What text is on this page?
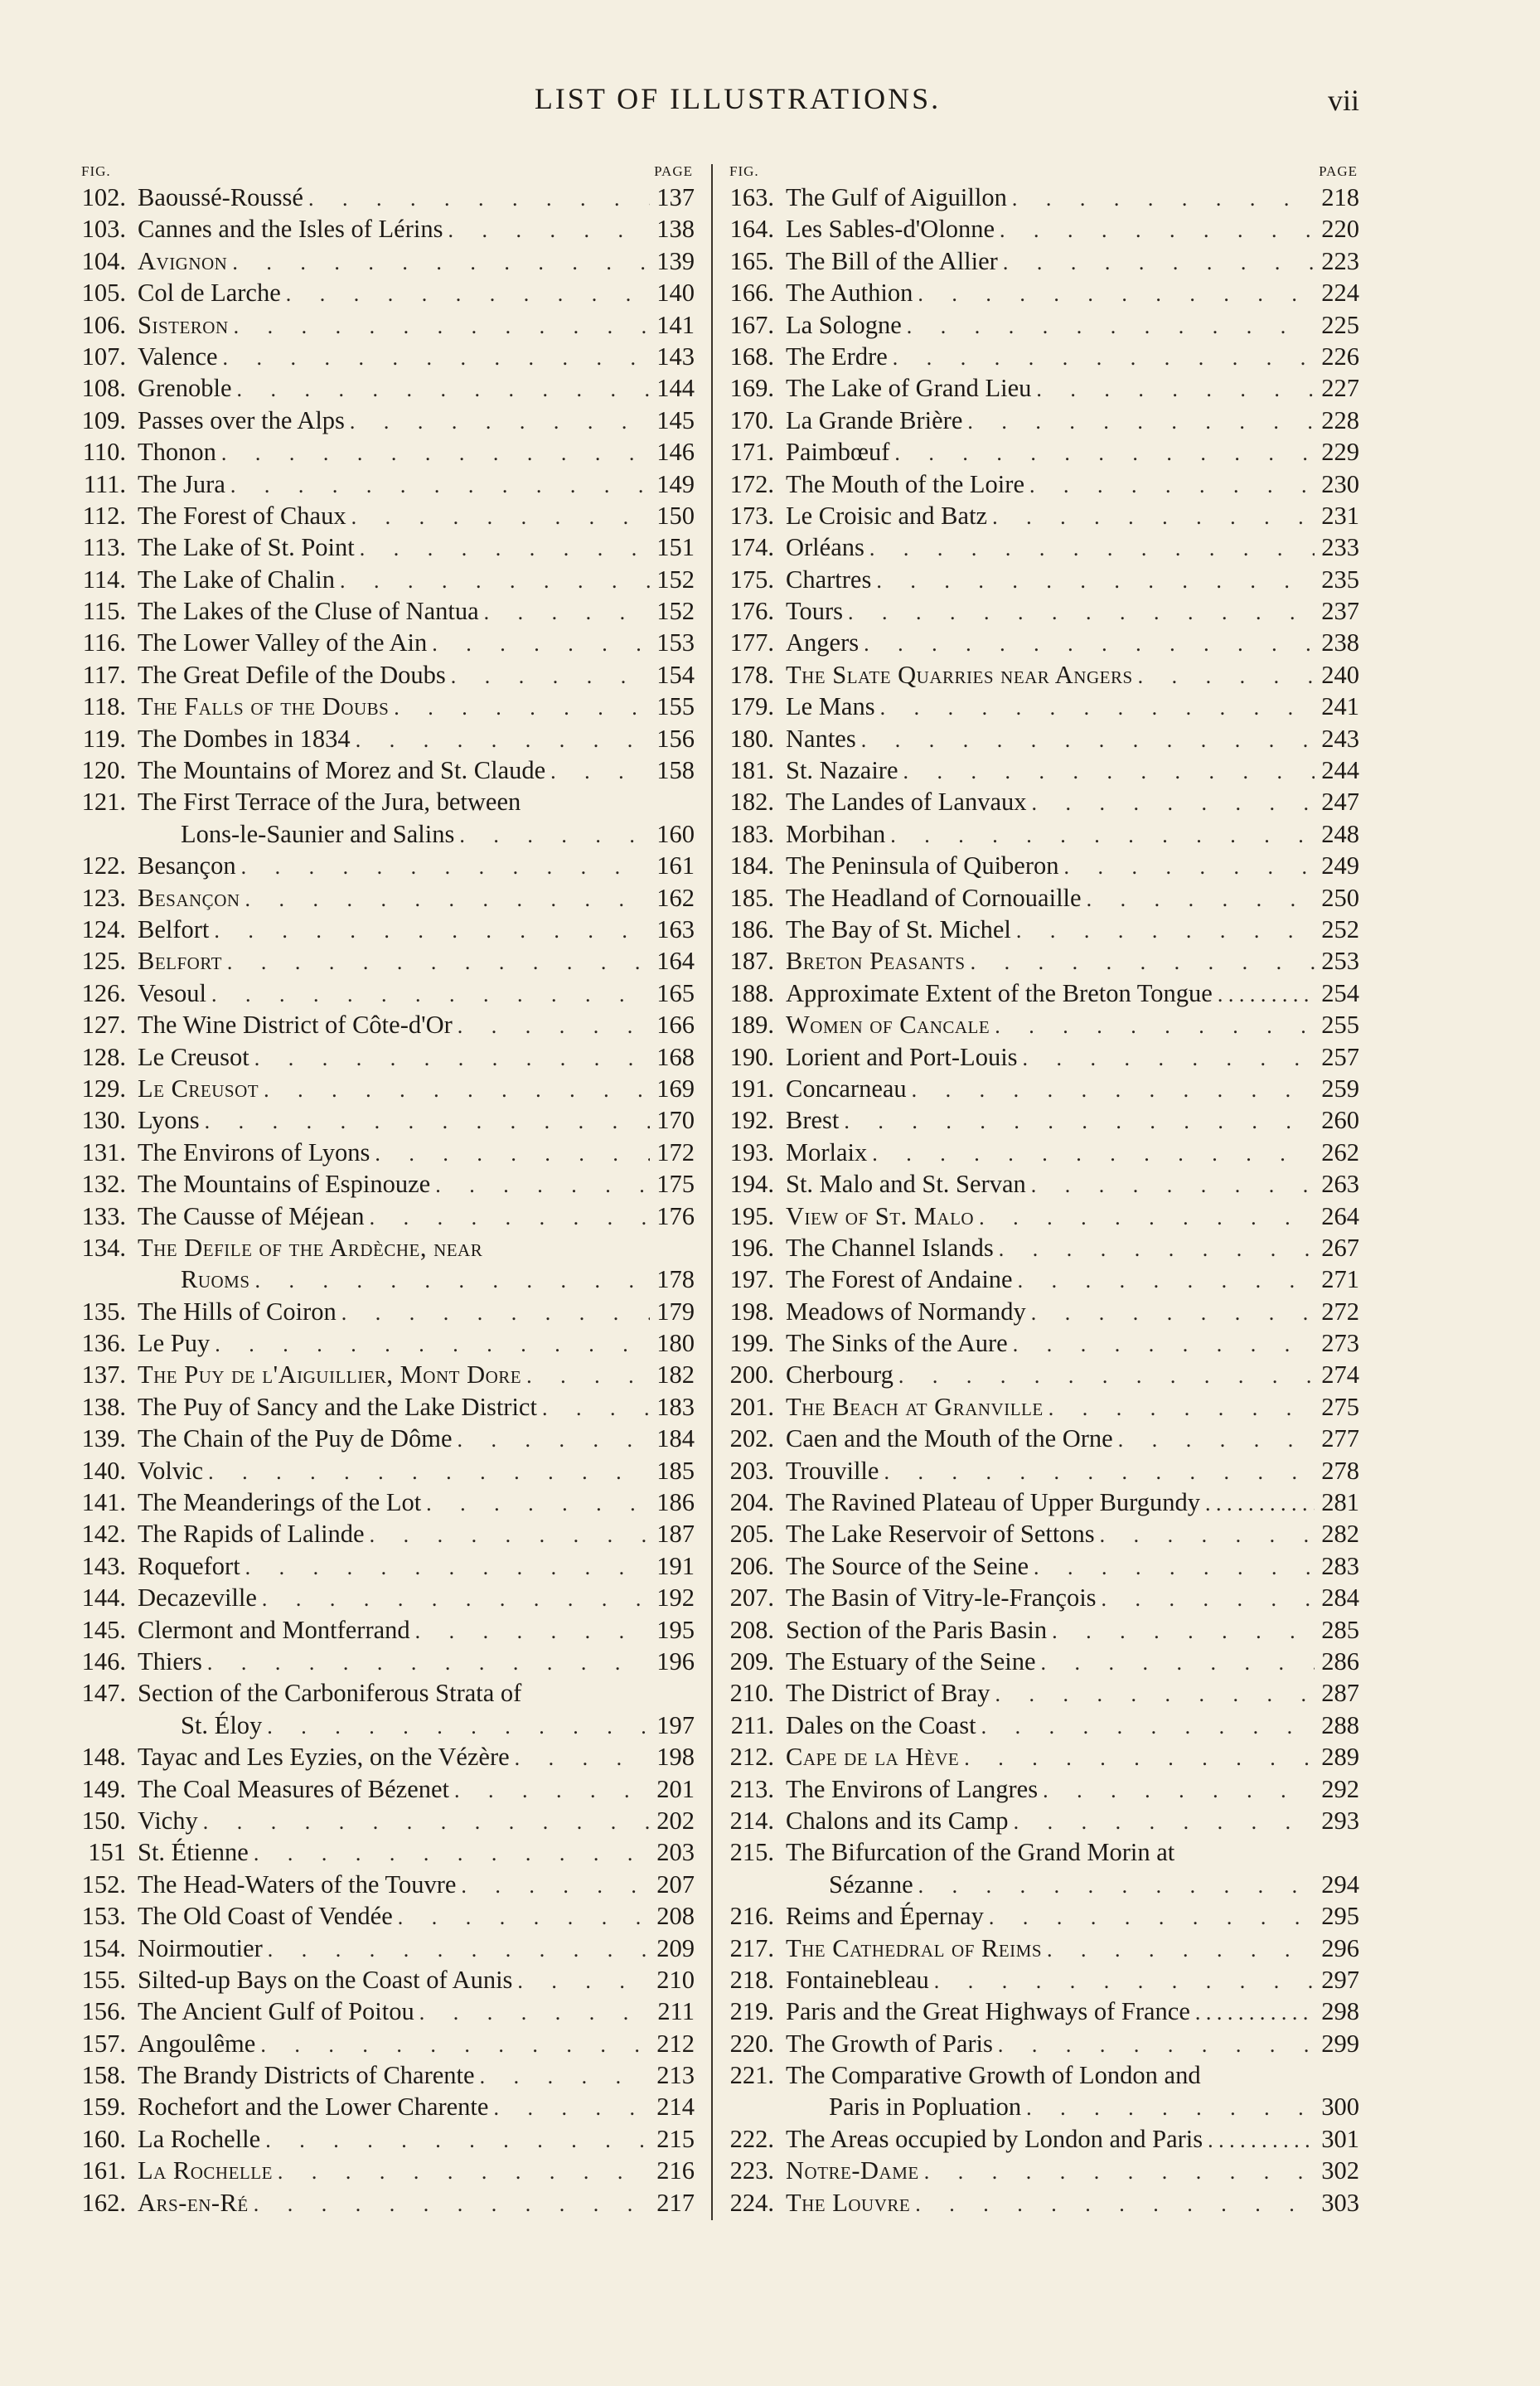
LIST OF ILLUSTRATIONS.	vii
FIG.	PAGE
102. Baoussé-Roussé . . .	137
103. Cannes and the Isles of Lérins . . .	138
104. Avignon . . .	139
105. Col de Larche . . .	140
106. Sisteron . . .	141
107. Valence . . .	143
108. Grenoble . . .	144
109. Passes over the Alps . . .	145
110. Thonon . . .	146
111. The Jura . . .	149
112. The Forest of Chaux . . .	150
113. The Lake of St. Point . . .	151
114. The Lake of Chalin . . .	152
115. The Lakes of the Cluse of Nantua . . .	152
116. The Lower Valley of the Ain . . .	153
117. The Great Defile of the Doubs . . .	154
118. The Falls of the Doubs . . .	155
119. The Dombes in 1834 . . .	156
120. The Mountains of Morez and St. Claude . . .	158
121. The First Terrace of the Jura, between
Lons-le-Saunier and Salins . . .	160
122. Besançon . . .	161
123. Besançon . . .	162
124. Belfort . . .	163
125. Belfort . . .	164
126. Vesoul . . .	165
127. The Wine District of Côte-d'Or . . .	166
128. Le Creusot . . .	168
129. Le Creusot . . .	169
130. Lyons . . .	170
131. The Environs of Lyons . . .	172
132. The Mountains of Espinouze . . .	175
133. The Causse of Méjean . . .	176
134. The Defile of the Ardèche, near
Ruoms . . .	178
135. The Hills of Coiron . . .	179
136. Le Puy . . .	180
137. The Puy de l'Aiguillier, Mont Dore . . .	182
138. The Puy of Sancy and the Lake District . . .	183
139. The Chain of the Puy de Dôme . . .	184
140. Volvic . . .	185
141. The Meanderings of the Lot . . .	186
142. The Rapids of Lalinde . . .	187
143. Roquefort . . .	191
144. Decazeville . . .	192
145. Clermont and Montferrand . . .	195
146. Thiers . . .	196
147. Section of the Carboniferous Strata of
St. Éloy . . .	197
148. Tayac and Les Eyzies, on the Vézère . . .	198
149. The Coal Measures of Bézenet . . .	201
150. Vichy . . .	202
151 St. Étienne . . .	203
152. The Head-Waters of the Touvre . . .	207
153. The Old Coast of Vendée . . .	208
154. Noirmoutier . . .	209
155. Silted-up Bays on the Coast of Aunis . . .	210
156. The Ancient Gulf of Poitou . . .	211
157. Angoulême . . .	212
158. The Brandy Districts of Charente . . .	213
159. Rochefort and the Lower Charente . . .	214
160. La Rochelle . . .	215
161. La Rochelle . . .	216
162. Ars-en-Ré . . .	217
FIG.	PAGE
163. The Gulf of Aiguillon . . .	218
164. Les Sables-d'Olonne . . .	220
165. The Bill of the Allier . . .	223
166. The Authion . . .	224
167. La Sologne . . .	225
168. The Erdre . . .	226
169. The Lake of Grand Lieu . . .	227
170. La Grande Brière . . .	228
171. Paimbœuf . . .	229
172. The Mouth of the Loire . . .	230
173. Le Croisic and Batz . . .	231
174. Orléans . . .	233
175. Chartres . . .	235
176. Tours . . .	237
177. Angers . . .	238
178. The Slate Quarries near Angers . . .	240
179. Le Mans . . .	241
180. Nantes . . .	243
181. St. Nazaire . . .	244
182. The Landes of Lanvaux . . .	247
183. Morbihan . . .	248
184. The Peninsula of Quiberon . . .	249
185. The Headland of Cornouaille . . .	250
186. The Bay of St. Michel . . .	252
187. Breton Peasants . . .	253
188. Approximate Extent of the Breton Tongue . . .	254
189. Women of Cancale . . .	255
190. Lorient and Port-Louis . . .	257
191. Concarneau . . .	259
192. Brest . . .	260
193. Morlaix . . .	262
194. St. Malo and St. Servan . . .	263
195. View of St. Malo . . .	264
196. The Channel Islands . . .	267
197. The Forest of Andaine . . .	271
198. Meadows of Normandy . . .	272
199. The Sinks of the Aure . . .	273
200. Cherbourg . . .	274
201. The Beach at Granville . . .	275
202. Caen and the Mouth of the Orne . . .	277
203. Trouville . . .	278
204. The Ravined Plateau of Upper Burgundy . . .	281
205. The Lake Reservoir of Settons . . .	282
206. The Source of the Seine . . .	283
207. The Basin of Vitry-le-François . . .	284
208. Section of the Paris Basin . . .	285
209. The Estuary of the Seine . . .	286
210. The District of Bray . . .	287
211. Dales on the Coast . . .	288
212. Cape de la Hève . . .	289
213. The Environs of Langres . . .	292
214. Chalons and its Camp . . .	293
215. The Bifurcation of the Grand Morin at
Sézanne . . .	294
216. Reims and Épernay . . .	295
217. The Cathedral of Reims . . .	296
218. Fontainebleau . . .	297
219. Paris and the Great Highways of France . . .	298
220. The Growth of Paris . . .	299
221. The Comparative Growth of London and
Paris in Popluation . . .	300
222. The Areas occupied by London and Paris . . .	301
223. Notre-Dame . . .	302
224. The Louvre . . .	303
